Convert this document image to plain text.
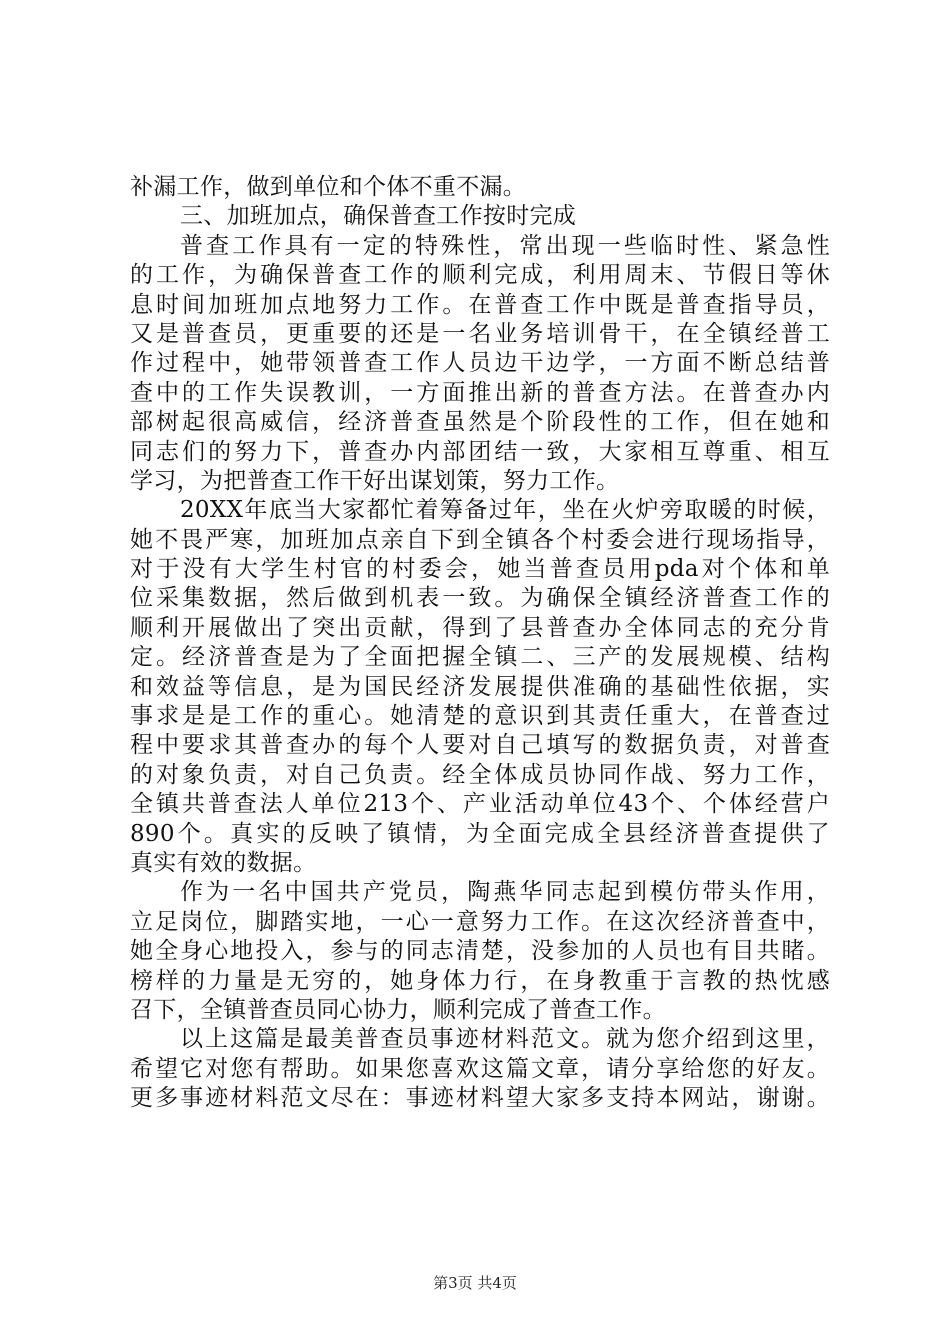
补漏工作，做到单位和个体不重不漏。
三、加班加点，确保普查工作按时完成
普查工作具有一定的特殊性，常出现一些临时性、紧急性
的工作，为确保普查工作的顺利完成，利用周末、节假日等休
息时间加班加点地努力工作。在普查工作中既是普查指导员，
又是普查员，更重要的还是一名业务培训骨干，在全镇经普工
作过程中，她带领普查工作人员边干边学，一方面不断总结普
查中的工作失误教训，一方面推出新的普查方法。在普查办内
部树起很高威信，经济普查虽然是个阶段性的工作，但在她和
同志们的努力下，普查办内部团结一致，大家相互尊重、相互
学习，为把普查工作干好出谋划策，努力工作。
20XX年底当大家都忙着筹备过年，坐在火炉旁取暖的时候，
她不畏严寒，加班加点亲自下到全镇各个村委会进行现场指导，
对于没有大学生村官的村委会，她当普查员用pda对个体和单
位采集数据，然后做到机表一致。为确保全镇经济普查工作的
顺利开展做出了突出贡献，得到了县普查办全体同志的充分肯
定。经济普查是为了全面把握全镇二、三产的发展规模、结构
和效益等信息，是为国民经济发展提供准确的基础性依据，实
事求是是工作的重心。她清楚的意识到其责任重大，在普查过
程中要求其普查办的每个人要对自己填写的数据负责，对普查
的对象负责，对自己负责。经全体成员协同作战、努力工作，
全镇共普查法人单位213个、产业活动单位43个、个体经营户
890个。真实的反映了镇情，为全面完成全县经济普查提供了
真实有效的数据。
作为一名中国共产党员，陶燕华同志起到模仿带头作用，
立足岗位，脚踏实地，一心一意努力工作。在这次经济普查中，
她全身心地投入，参与的同志清楚，没参加的人员也有目共睹。
榜样的力量是无穷的，她身体力行，在身教重于言教的热忱感
召下，全镇普查员同心协力，顺利完成了普查工作。
以上这篇是最美普查员事迹材料范文。就为您介绍到这里，
希望它对您有帮助。如果您喜欢这篇文章，请分享给您的好友。
更多事迹材料范文尽在：事迹材料望大家多支持本网站，谢谢。
第3页 共4页
